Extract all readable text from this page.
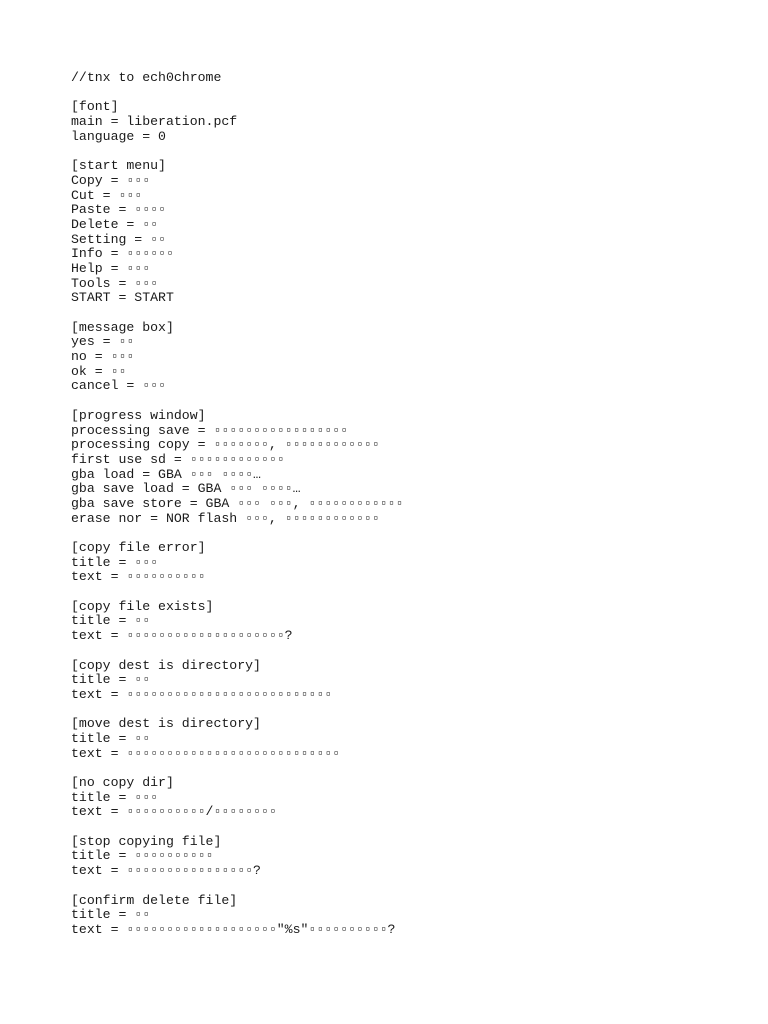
//tnx to ech0chrome
[font]
main = liberation.pcf
language = 0
[start menu]
Copy = ▫▫▫
Cut = ▫▫▫
Paste = ▫▫▫▫
Delete = ▫▫
Setting = ▫▫
Info = ▫▫▫▫▫▫
Help = ▫▫▫
Tools = ▫▫▫
START = START
[message box]
yes = ▫▫
no = ▫▫▫
ok = ▫▫
cancel = ▫▫▫
[progress window]
processing save = ▫▫▫▫▫▫▫▫▫▫▫▫▫▫▫▫▫
processing copy = ▫▫▫▫▫▫▫, ▫▫▫▫▫▫▫▫▫▫▫▫
first use sd = ▫▫▫▫▫▫▫▫▫▫▫▫
gba load = GBA ▫▫▫ ▫▫▫▫…
gba save load = GBA ▫▫▫ ▫▫▫▫…
gba save store = GBA ▫▫▫ ▫▫▫, ▫▫▫▫▫▫▫▫▫▫▫▫
erase nor = NOR flash ▫▫▫, ▫▫▫▫▫▫▫▫▫▫▫▫
[copy file error]
title = ▫▫▫
text = ▫▫▫▫▫▫▫▫▫▫
[copy file exists]
title = ▫▫
text = ▫▫▫▫▫▫▫▫▫▫▫▫▫▫▫▫▫▫▫▫?
[copy dest is directory]
title = ▫▫
text = ▫▫▫▫▫▫▫▫▫▫▫▫▫▫▫▫▫▫▫▫▫▫▫▫▫▫
[move dest is directory]
title = ▫▫
text = ▫▫▫▫▫▫▫▫▫▫▫▫▫▫▫▫▫▫▫▫▫▫▫▫▫▫▫
[no copy dir]
title = ▫▫▫
text = ▫▫▫▫▫▫▫▫▫▫/▫▫▫▫▫▫▫▫
[stop copying file]
title = ▫▫▫▫▫▫▫▫▫▫
text = ▫▫▫▫▫▫▫▫▫▫▫▫▫▫▫▫?
[confirm delete file]
title = ▫▫
text = ▫▫▫▫▫▫▫▫▫▫▫▫▫▫▫▫▫▫▫"%s"▫▫▫▫▫▫▫▫▫▫?
